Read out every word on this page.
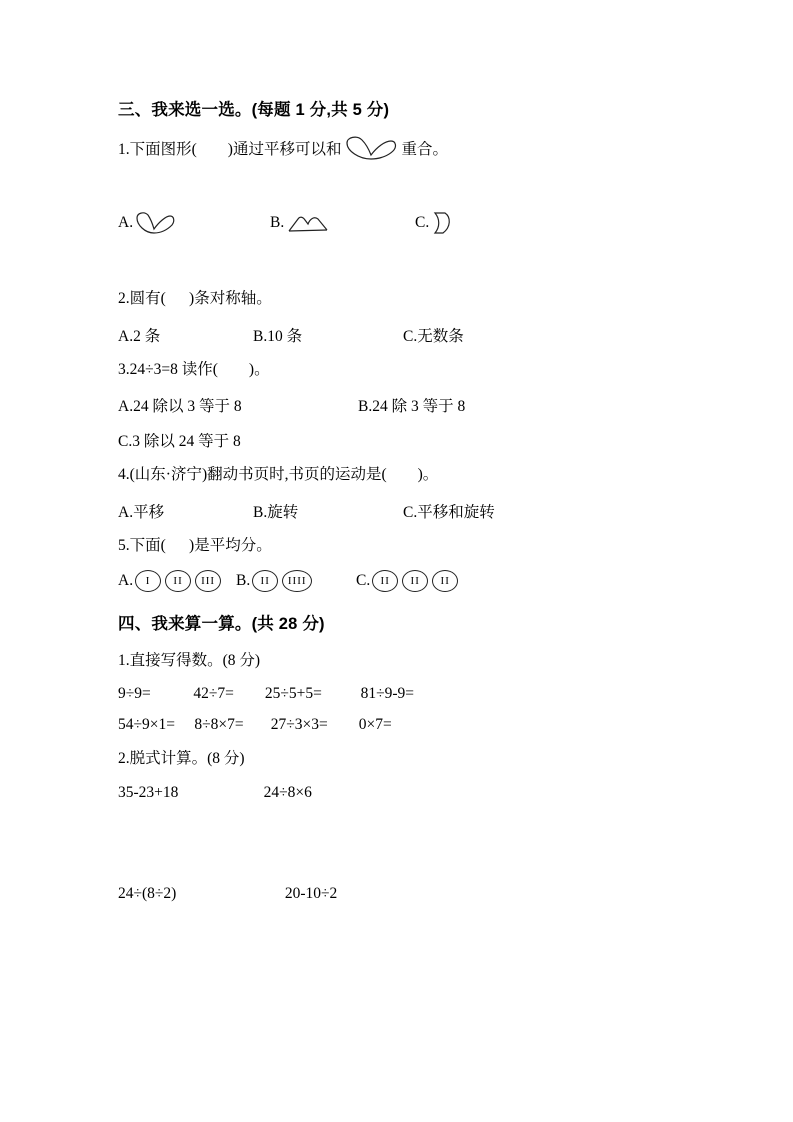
三、我来选一选。(每题 1 分,共 5 分)
1.下面图形(        )通过平移可以和	重合。
A.

	B.

	C.

2.圆有(      )条对称轴。
A.2 条	B.10 条	C.无数条
3.24÷3=8 读作(        )。
A.24 除以 3 等于 8	B.24 除 3 等于 8
C.3 除以 24 等于 8
4.(山东·济宁)翻动书页时,书页的运动是(        )。
A.平移	B.旋转	C.平移和旋转
5.下面(      )是平均分。
A.	I	II	III	B. II	IIII	C. II	II	II
四、我来算一算。(共 28 分)
1.直接写得数。(8 分)
9÷9=           42÷7=        25÷5+5=          81÷9-9=
54÷9×1=     8÷8×7=       27÷3×3=        0×7=
2.脱式计算。(8 分)
35-23+18                      24÷8×6
24÷(8÷2)                            20-10÷2
